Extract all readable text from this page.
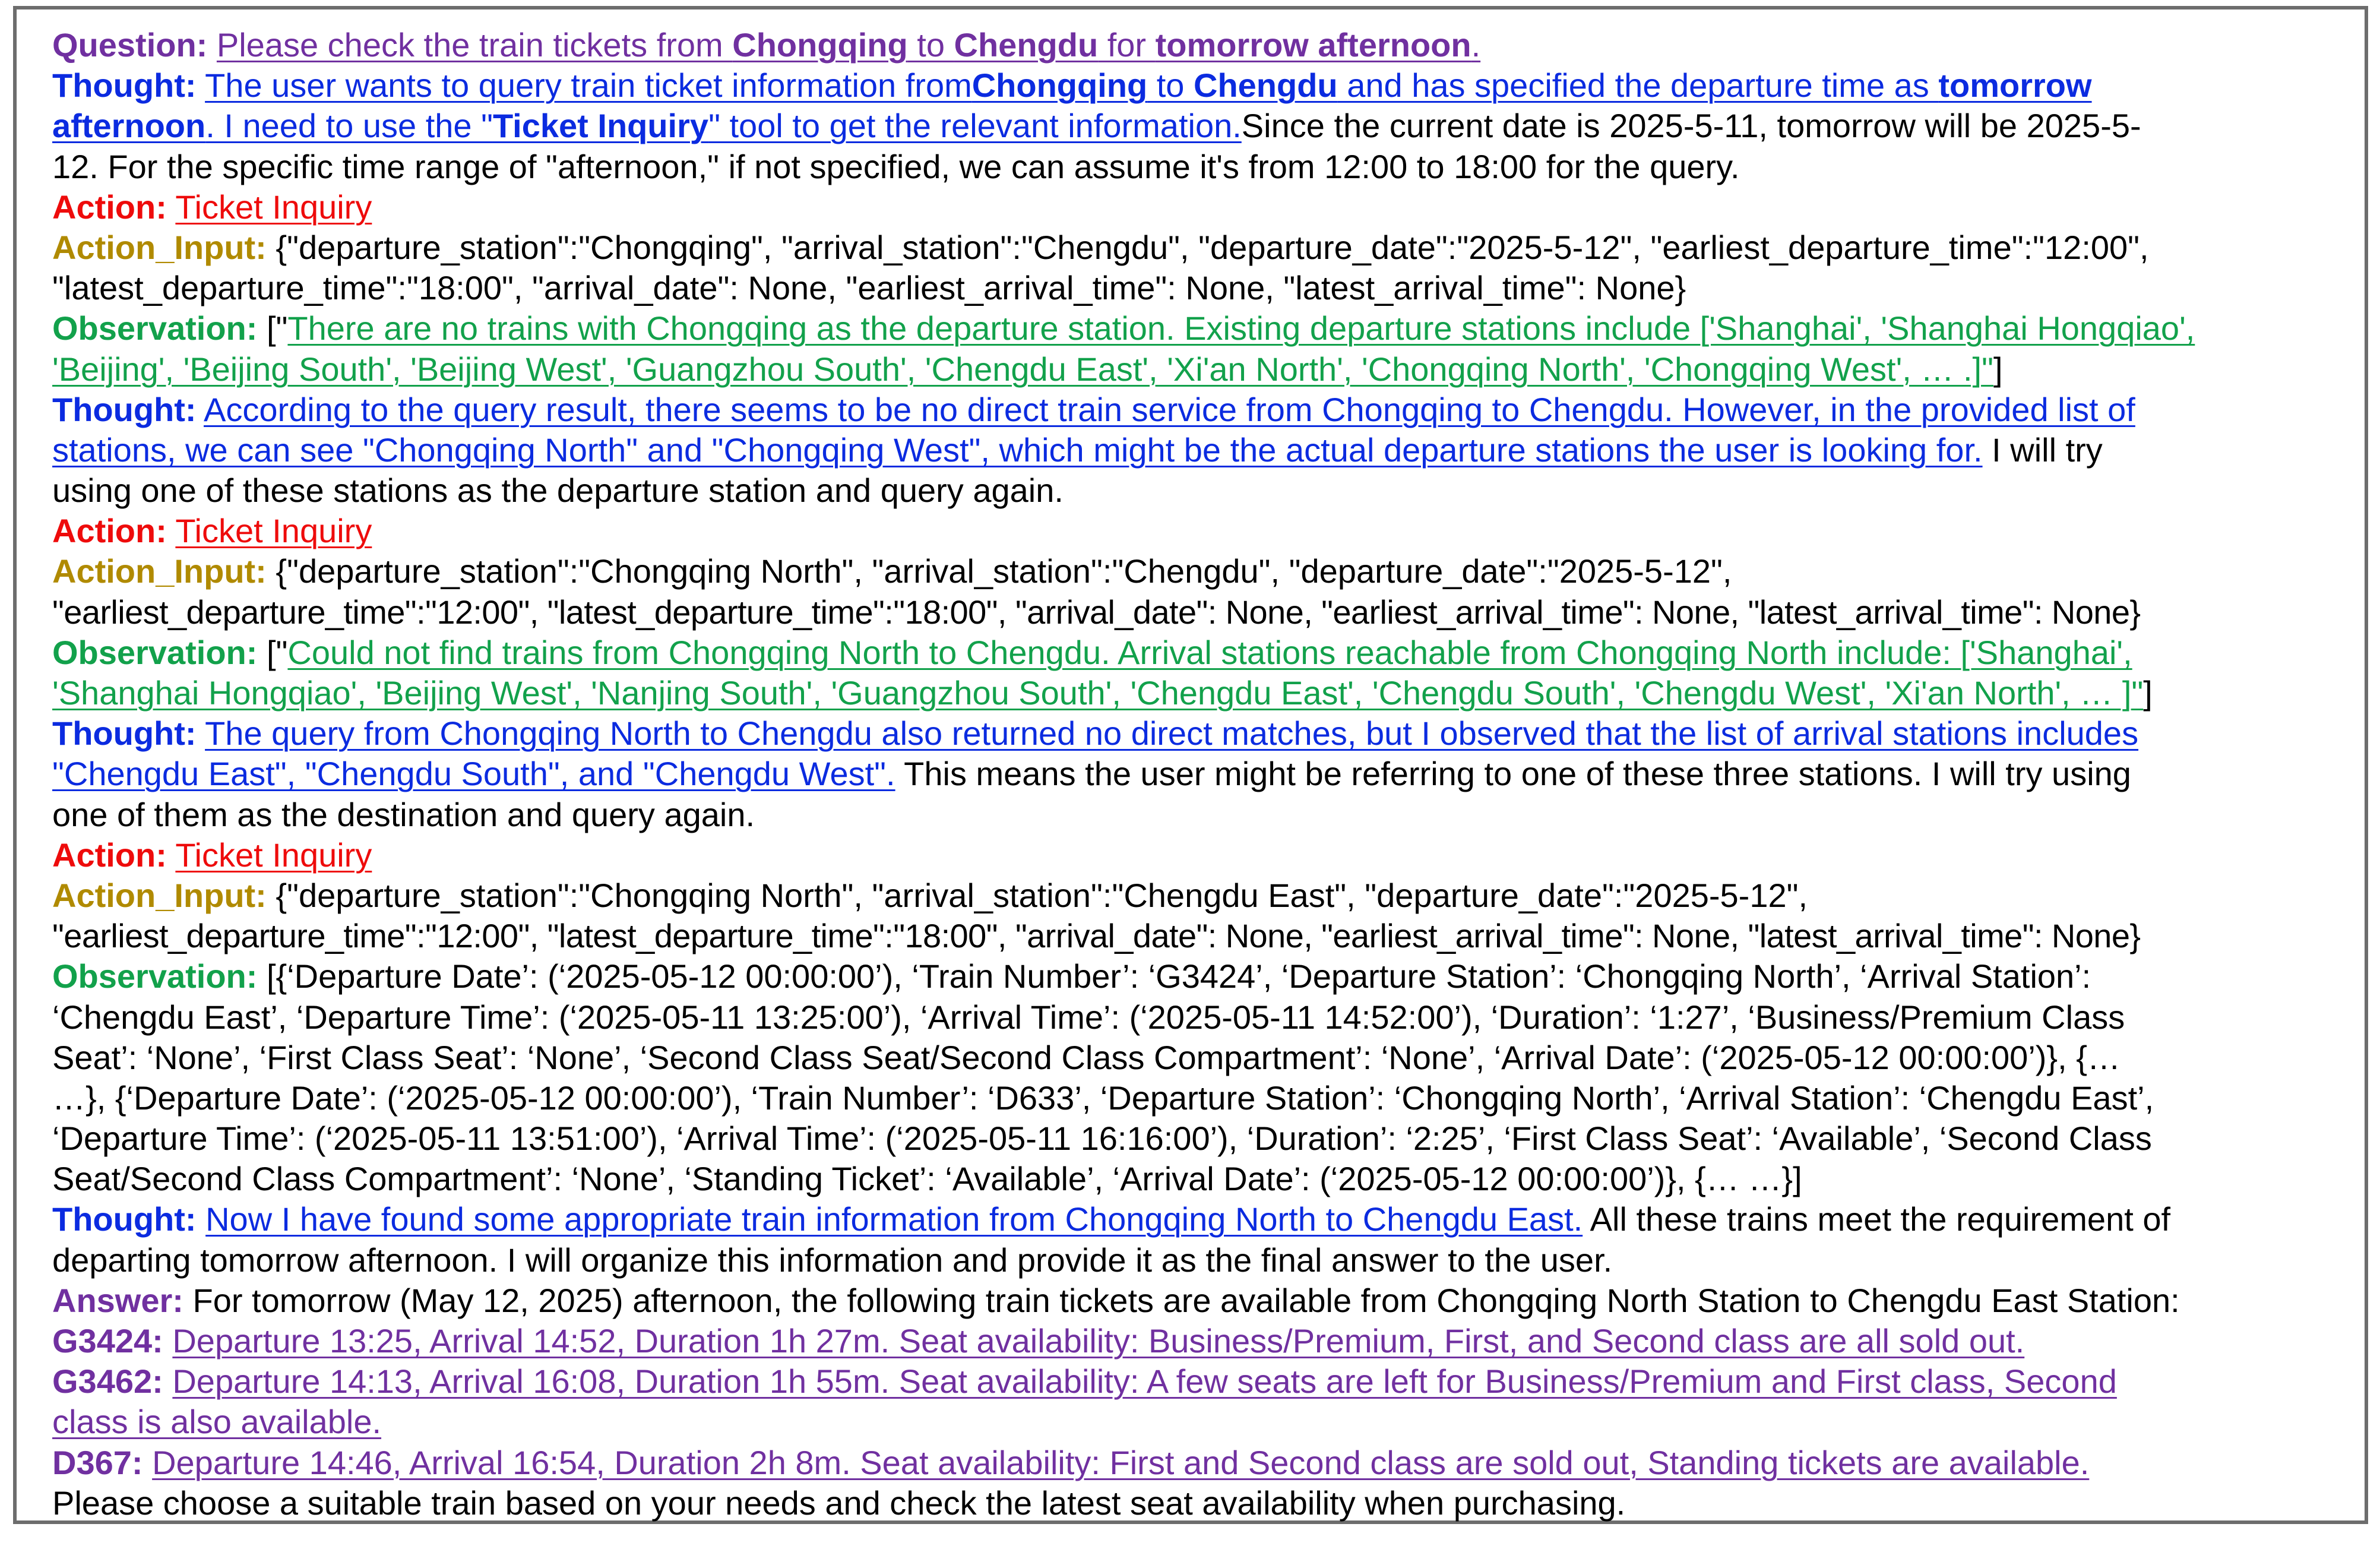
Question: Please check the train tickets from Chongqing to Chengdu for tomorrow afternoon.
Thought: The user wants to query train ticket information fromChongqing to Chengdu and has specified the departure time as tomorrow
afternoon. I need to use the "Ticket Inquiry" tool to get the relevant information.Since the current date is 2025-5-11, tomorrow will be 2025-5-
12. For the specific time range of "afternoon," if not specified, we can assume it's from 12:00 to 18:00 for the query.
Action: Ticket Inquiry
Action_Input: {"departure_station":"Chongqing", "arrival_station":"Chengdu", "departure_date":"2025-5-12", "earliest_departure_time":"12:00",
"latest_departure_time":"18:00", "arrival_date": None, "earliest_arrival_time": None, "latest_arrival_time": None}
Observation: ["There are no trains with Chongqing as the departure station. Existing departure stations include ['Shanghai', 'Shanghai Hongqiao',
'Beijing', 'Beijing South', 'Beijing West', 'Guangzhou South', 'Chengdu East', 'Xi'an North', 'Chongqing North', 'Chongqing West', … .]"]
Thought: According to the query result, there seems to be no direct train service from Chongqing to Chengdu. However, in the provided list of
stations, we can see "Chongqing North" and "Chongqing West", which might be the actual departure stations the user is looking for. I will try
using one of these stations as the departure station and query again.
Action: Ticket Inquiry
Action_Input: {"departure_station":"Chongqing North", "arrival_station":"Chengdu", "departure_date":"2025-5-12",
"earliest_departure_time":"12:00", "latest_departure_time":"18:00", "arrival_date": None, "earliest_arrival_time": None, "latest_arrival_time": None}
Observation: ["Could not find trains from Chongqing North to Chengdu. Arrival stations reachable from Chongqing North include: ['Shanghai',
'Shanghai Hongqiao', 'Beijing West', 'Nanjing South', 'Guangzhou South', 'Chengdu East', 'Chengdu South', 'Chengdu West', 'Xi'an North', … ]"]
Thought: The query from Chongqing North to Chengdu also returned no direct matches, but I observed that the list of arrival stations includes
"Chengdu East", "Chengdu South", and "Chengdu West". This means the user might be referring to one of these three stations. I will try using
one of them as the destination and query again.
Action: Ticket Inquiry
Action_Input: {"departure_station":"Chongqing North", "arrival_station":"Chengdu East", "departure_date":"2025-5-12",
"earliest_departure_time":"12:00", "latest_departure_time":"18:00", "arrival_date": None, "earliest_arrival_time": None, "latest_arrival_time": None}
Observation: [{‘Departure Date’: (‘2025-05-12 00:00:00’), ‘Train Number’: ‘G3424’, ‘Departure Station’: ‘Chongqing North’, ‘Arrival Station’:
‘Chengdu East’, ‘Departure Time’: (‘2025-05-11 13:25:00’), ‘Arrival Time’: (‘2025-05-11 14:52:00’), ‘Duration’: ‘1:27’, ‘Business/Premium Class
Seat’: ‘None’, ‘First Class Seat’: ‘None’, ‘Second Class Seat/Second Class Compartment’: ‘None’, ‘Arrival Date’: (‘2025-05-12 00:00:00’)}, {…
…}, {‘Departure Date’: (‘2025-05-12 00:00:00’), ‘Train Number’: ‘D633’, ‘Departure Station’: ‘Chongqing North’, ‘Arrival Station’: ‘Chengdu East’,
‘Departure Time’: (‘2025-05-11 13:51:00’), ‘Arrival Time’: (‘2025-05-11 16:16:00’), ‘Duration’: ‘2:25’, ‘First Class Seat’: ‘Available’, ‘Second Class
Seat/Second Class Compartment’: ‘None’, ‘Standing Ticket’: ‘Available’, ‘Arrival Date’: (‘2025-05-12 00:00:00’)}, {… …}]
Thought: Now I have found some appropriate train information from Chongqing North to Chengdu East. All these trains meet the requirement of
departing tomorrow afternoon. I will organize this information and provide it as the final answer to the user.
Answer: For tomorrow (May 12, 2025) afternoon, the following train tickets are available from Chongqing North Station to Chengdu East Station:
G3424: Departure 13:25, Arrival 14:52, Duration 1h 27m. Seat availability: Business/Premium, First, and Second class are all sold out.
G3462: Departure 14:13, Arrival 16:08, Duration 1h 55m. Seat availability: A few seats are left for Business/Premium and First class, Second
class is also available.
D367: Departure 14:46, Arrival 16:54, Duration 2h 8m. Seat availability: First and Second class are sold out, Standing tickets are available.
Please choose a suitable train based on your needs and check the latest seat availability when purchasing.
